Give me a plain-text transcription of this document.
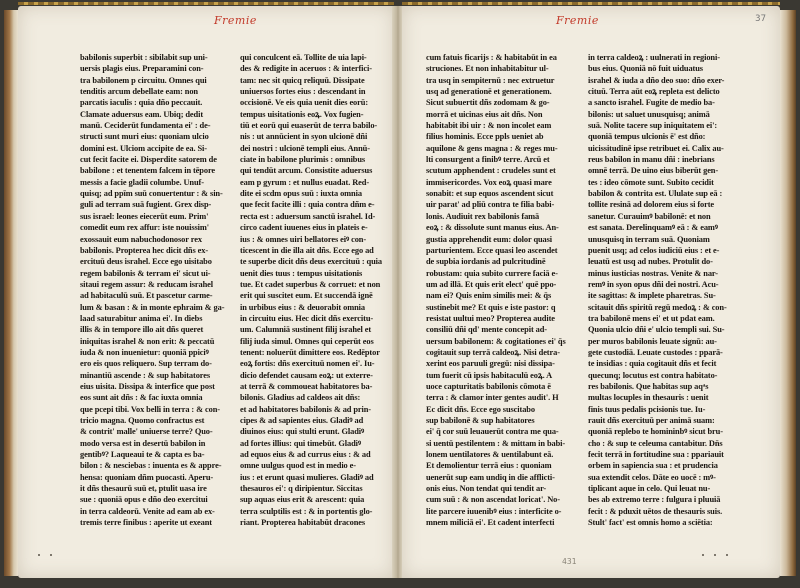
Fremie
babilonis superbit : sibilabit sup uni-
uersis plagis eius. Preparamini con-
tra babilonem p circuitu. Omnes qui
tenditis arcum debellate eam: non
parcatis iaculis : quia dño peccauit.
Clamate aduersus eam. Ubiq; dedit
manū. Ceciderūt fundamenta ei' : de-
structi sunt muri eius: quoniam ulcio
domini est. Ulciom accipite de ea. Si-
cut fecit facite ei. Disperdite satorem de
babilone : et tenentem falcem in tēpore
messis a facie gladii columbe. Unuf-
quisq; ad ppīm suū conuertentur : & sin-
guli ad terram suā fugient. Grex disp-
sus israel: leones eiecerūt eum. Prim'
comedit eum rex affur: iste nouissim'
exossauit eum nabuchodonosor rex
babilonis. Propterea hec dicit dñs ex-
ercituū deus israhel. Ecce ego uisitabo
regem babilonis & terram ei' sicut ui-
sitaui regem assur: & reducam israhel
ad habitaculū suū. Et pascetur carme-
lum & basan : & in monte ephraim & ga-
laad saturabitur anima ei'. In diebs
illis & in tempore illo ait dñs queret
iniquitas israhel & non erit: & peccatū
iuda & non inuenietur: quoniā ppiciꝰ
ero eis quos reliquero. Sup terram do-
minantiū ascende : & sup habitatores
eius uisita. Dissipa & interfice que post
eos sunt ait dñs : & fac iuxta omnia
que pcepi tibi. Vox belli in terra : & con-
tricio magna. Quomo confractus est
& contrit' malle' uniuerse terre? Quo-
modo versa est in desertū babilon in
gentibꝰ? Laqueaui te & capta es ba-
bilon : & nesciebas : inuenta es & appre-
hensa: quoniam dñm puocasti. Aperu-
it dñs thesaurū suū et, ptulit uasa ire
sue : quoniā opus e dño deo exercitui
in terra caldeorū. Venite ad eam ab ex-
tremis terre finibus : aperite ut exeant
qui conculcent eā. Tollite de uia lapi-
des & redigite in aceruos : & interfici-
tam: nec sit quicq reliquū. Dissipate
uniuersos fortes eius : descendant in
occisionē. Ve eis quia uenit dies eorū:
tempus uisitationis eoꝝ. Vox fugien-
tiū et eorū qui euaserūt de terra babilo-
nis : ut annūcient in syon ulcionē dñi
dei nostri : ulcionē templi eius. Annū-
ciate in babilone plurimis : omnibus
qui tendūt arcum. Consistite aduersus
eam p gyrum : et nullus euadat. Red-
dite ei scdm opus suū : iuxta omnia
que fecit facite illi : quia contra dñm e-
recta est : aduersum sanctū israhel. Id-
circo cadent iuuenes eius in plateis e-
ius : & omnes uiri bellatores eiꝰ con-
ticescent in die illa ait dñs. Ecce ego ad
te superbe dicit dñs deus exercituū : quia
uenit dies tuus : tempus uisitationis
tue. Et cadet superbus & corruet: et non
erit qui suscitet eum. Et succendā ignē
in urbibus eius : & deuorabit omnia
in circuitu eius. Hec dicit dñs exercitu-
um. Calumniā sustinent filij israhel et
filij iuda simul. Omnes qui ceperūt eos
tenent: noluerūt dimittere eos. Redēptor
eoꝝ fortis: dñs exercituū nomen ei'. Iu-
dicio defendet causam eoꝝ: ut exterre-
at terrā & commoueat habitatores ba-
bilonis. Gladius ad caldeos ait dñs:
et ad habitatores babilonis & ad prin-
cipes & ad sapientes eius. Gladiꝰ ad
diuinos eius: qui stulti erunt. Gladiꝰ
ad fortes illius: qui timebūt. Gladiꝰ
ad equos eius & ad currus eius : & ad
omne uulgus quod est in medio e-
ius : et erunt quasi mulieres. Gladiꝰ ad
thesauros ei': q diripientur. Siccitas
sup aquas eius erit & arescent: quia
terra sculptilis est : & in portentis glo-
riant. Propterea habitabūt dracones
Fremie	37
cum fatuis ficarijs : & habitabūt in ea
struciones. Et non inhabitabitur ul-
tra usq in sempiternū : nec extruetur
usq ad generationē et generationem.
Sicut subuertit dñs zodomam & go-
morrā et uicinas eius ait dñs. Non
habitabit ibi uir : & non incolet eam
filius hominis. Ecce ppls ueniet ab
aquilone & gens magna : & reges mu-
lti consurgent a finibꝰ terre. Arcū et
scutum apphendent : crudeles sunt et
immisericordes. Vox eoꝝ quasi mare
sonabit: et sup equos ascendent sicut
uir parat' ad pliū contra te filia babi-
lonis. Audiuit rex babilonis famā
eoꝝ : & dissolute sunt manus eius. An-
gustia apprehendit eum: dolor quasi
parturientem. Ecce quasi leo ascendet
de supbia iordanis ad pulcritudinē
robustam: quia subito currere faciā e-
um ad illā. Et quis erit elect' quē ppo-
nam ei? Quis enim similis mei: & q̄s
sustinebit me? Et quis e iste pastor: q
resistat uultui meo? Propterea audite
consiliū dñi qd' mente concepit ad-
uersum babilonem: & cogitationes ei' q̄s
cogitauit sup terrā caldeoꝝ. Nisi detra-
xerint eos paruuli gregū: nisi dissipa-
tum fuerit cū ipsis habitaculū eoꝝ. A
uoce capturitatis babilonis cōmota ē
terra : & clamor inter gentes audit'. H
Ec dicit dñs. Ecce ego suscitabo
sup babilonē & sup habitatores
ei' q̄ cor suū leuauerūt contra me qua-
si uentū pestilentem : & mittam in babi-
lonem uentilatores & uentilabunt eā.
Et demolientur terrā eius : quoniam
uenerūt sup eam undiq in die afflicti-
onis eius. Non tendat qui tendit ar-
cum suū : & non ascendat loricat'. No-
lite parcere iuuenibꝰ eius : interficite o-
mnem miliciā ei'. Et cadent interfecti
in terra caldeoꝝ : uulnerati in regioni-
bus eius. Quoniā nō fuit uiduatus
israhel & iuda a dño deo suo: dño exer-
cituū. Terra aūt eoꝝ repleta est delicto
a sancto israhel. Fugite de medio ba-
bilonis: ut saluet unusquisq; animā
suā. Nolite tacere sup iniquitatem ei':
quoniā tempus ulcionis ē' est dño:
uicissitudinē ipse retribuet ei. Calix au-
reus babilon in manu dñi : inebrians
omnē terrā. De uino eius biberūt gen-
tes : ideo cōmote sunt. Subito cecidit
babilon & contrita est. Ululate sup eā :
tollite resinā ad dolorem eius si forte
sanetur. Curauimꝰ babilonē: et non
est sanata. Derelinquamꝰ eā : & eamꝰ
unusquisq in terram suā. Quoniam
puenit usq; ad celos iudiciū eius : et e-
leuatū est usq ad nubes. Protulit do-
minus iusticias nostras. Venite & nar-
remꝰ in syon opus dñi dei nostri. Acu-
ite sagittas: & implete pharetras. Su-
scitauit dñs spiritū regū medoꝝ : & con-
tra babilonē mens ei' et ut pdat eam.
Quonia ulcio dñi e' ulcio templi sui. Su-
per muros babilonis leuate signū: au-
gete custodiā. Leuate custodes : pparā-
te insidias : quia cogitauit dñs et fecit
quecunq; locutus est contra habitato-
res babilonis. Que habitas sup aqͣs
multas locuples in thesauris : uenit
finis tuus pedalis pcisionis tue. Iu-
rauit dñs exercituū per animā suam:
quoniā replebo te homininbꝰ sicut bru-
cho : & sup te celeuma cantabitur. Dn̄s
fecit terrā in fortitudine sua : ppariauit
orbem in sapiencia sua : et prudencia
sua extendit celos. Dāte eo uocē : mꝰ-
tiplicant aque in celo. Qui leuat nu-
bes ab extremo terre : fulgura i pluuiā
fecit : & pduxit uētos de thesauris suis.
Stult' fact' est omnis homo a sciētia:
431
